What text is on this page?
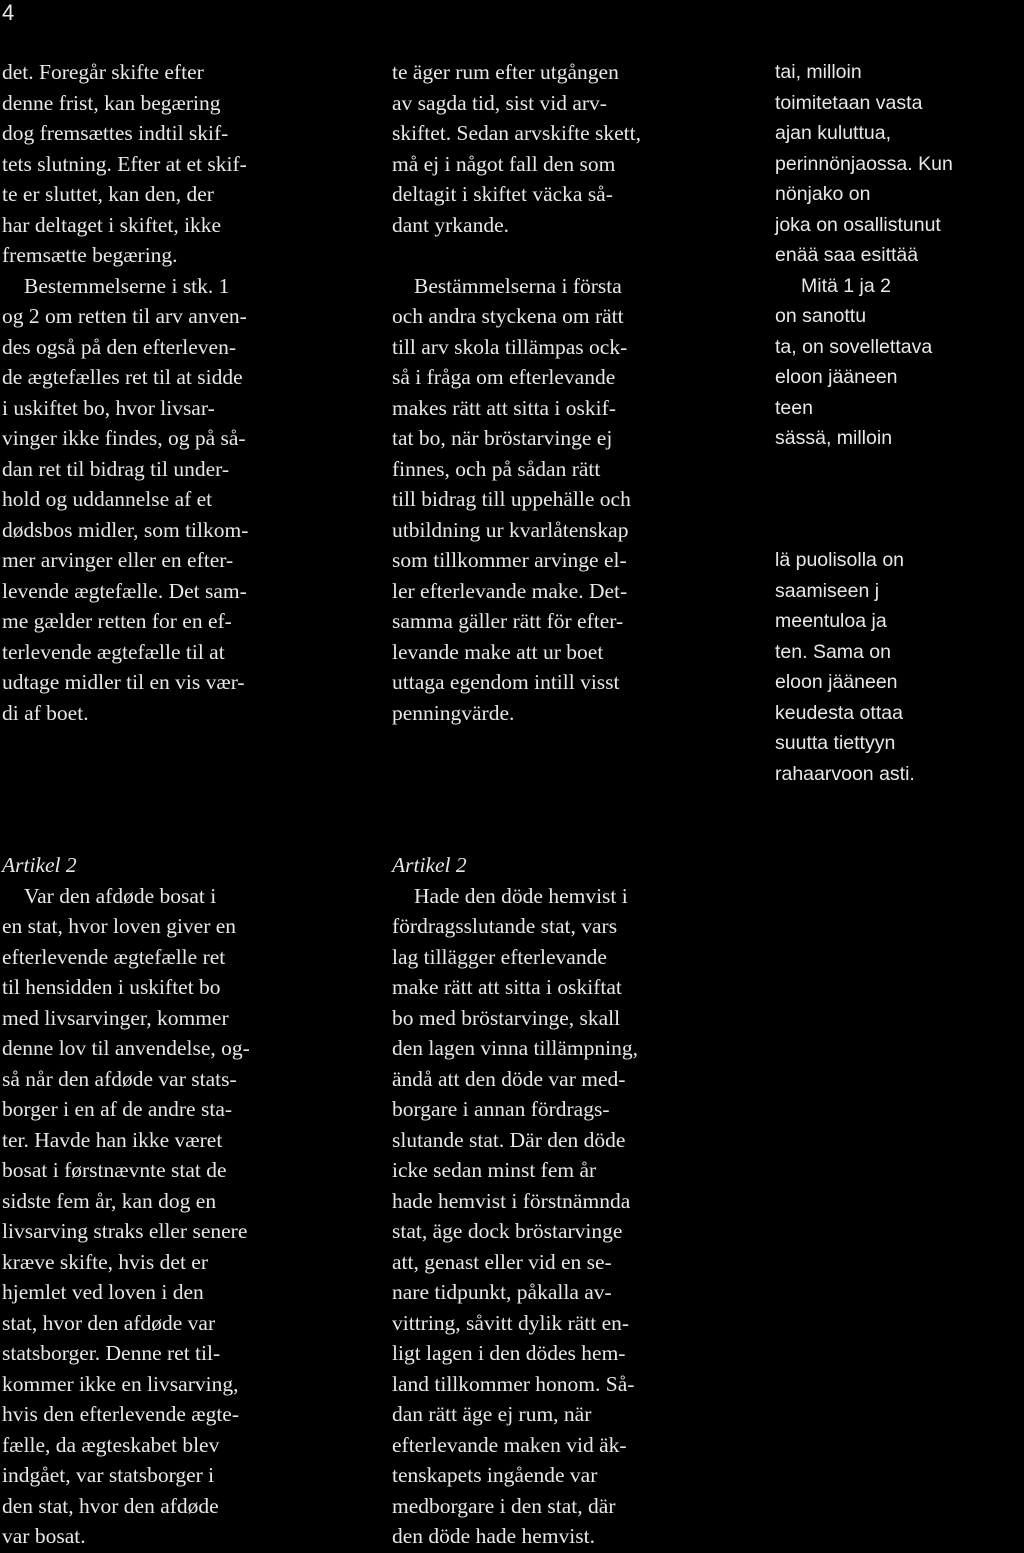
4
det. Foregår skifte efter
denne frist, kan begæring
dog fremsættes indtil skif-
tets slutning. Efter at et skif-
te er sluttet, kan den, der
har deltaget i skiftet, ikke
fremsætte begæring.
Bestemmelserne i stk. 1
og 2 om retten til arv anven-
des også på den efterleven-
de ægtefælles ret til at sidde
i uskiftet bo, hvor livsar-
vinger ikke findes, og på så-
dan ret til bidrag til under-
hold og uddannelse af et
dødsbos midler, som tilkom-
mer arvinger eller en efter-
levende ægtefælle. Det sam-
me gælder retten for en ef-
terlevende ægtefælle til at
udtage midler til en vis vær-
di af boet.
te äger rum efter utgången
av sagda tid, sist vid arv-
skiftet. Sedan arvskifte skett,
må ej i något fall den som
deltagit i skiftet väcka så-
dant yrkande.

Bestämmelserna i första
och andra styckena om rätt
till arv skola tillämpas ock-
så i fråga om efterlevande
makes rätt att sitta i oskif-
tat bo, när bröstarvinge ej
finnes, och på sådan rätt
till bidrag till uppehälle och
utbildning ur kvarlåtenskap
som tillkommer arvinge el-
ler efterlevande make. Det-
samma gäller rätt för efter-
levande make att ur boet
uttaga egendom intill visst
penningvärde.
tai, milloin
toimitetaan vasta
ajan kuluttua,
perinnönjaossa. Kun
nönjako on
joka on osallistunut
enää saa esittää
Mitä 1 ja 2
on sanottu
ta, on sovellettava
eloon jääneen
teen
sässä, milloin

lä puolisolla on
saamiseen j
meentuloa ja
ten. Sama on
eloon jääneen
keudesta ottaa
suutta tiettyyn
rahaarvoon asti.
Artikel 2
Var den afdøde bosat i
en stat, hvor loven giver en
efterlevende ægtefælle ret
til hensidden i uskiftet bo
med livsarvinger, kommer
denne lov til anvendelse, og-
så når den afdøde var stats-
borger i en af de andre sta-
ter. Havde han ikke været
bosat i førstnævnte stat de
sidste fem år, kan dog en
livsarving straks eller senere
kræve skifte, hvis det er
hjemlet ved loven i den
stat, hvor den afdøde var
statsborger. Denne ret til-
kommer ikke en livsarving,
hvis den efterlevende ægte-
fælle, da ægteskabet blev
indgået, var statsborger i
den stat, hvor den afdøde
var bosat.
Artikel 2
Hade den döde hemvist i
fördragsslutande stat, vars
lag tillägger efterlevande
make rätt att sitta i oskiftat
bo med bröstarvinge, skall
den lagen vinna tillämpning,
ändå att den döde var med-
borgare i annan fördrags-
slutande stat. Där den döde
icke sedan minst fem år
hade hemvist i förstnämnda
stat, äge dock bröstarvinge
att, genast eller vid en se-
nare tidpunkt, påkalla av-
vittring, såvitt dylik rätt en-
ligt lagen i den dödes hem-
land tillkommer honom. Så-
dan rätt äge ej rum, när
efterlevande maken vid äk-
tenskapets ingående var
medborgare i den stat, där
den döde hade hemvist.
